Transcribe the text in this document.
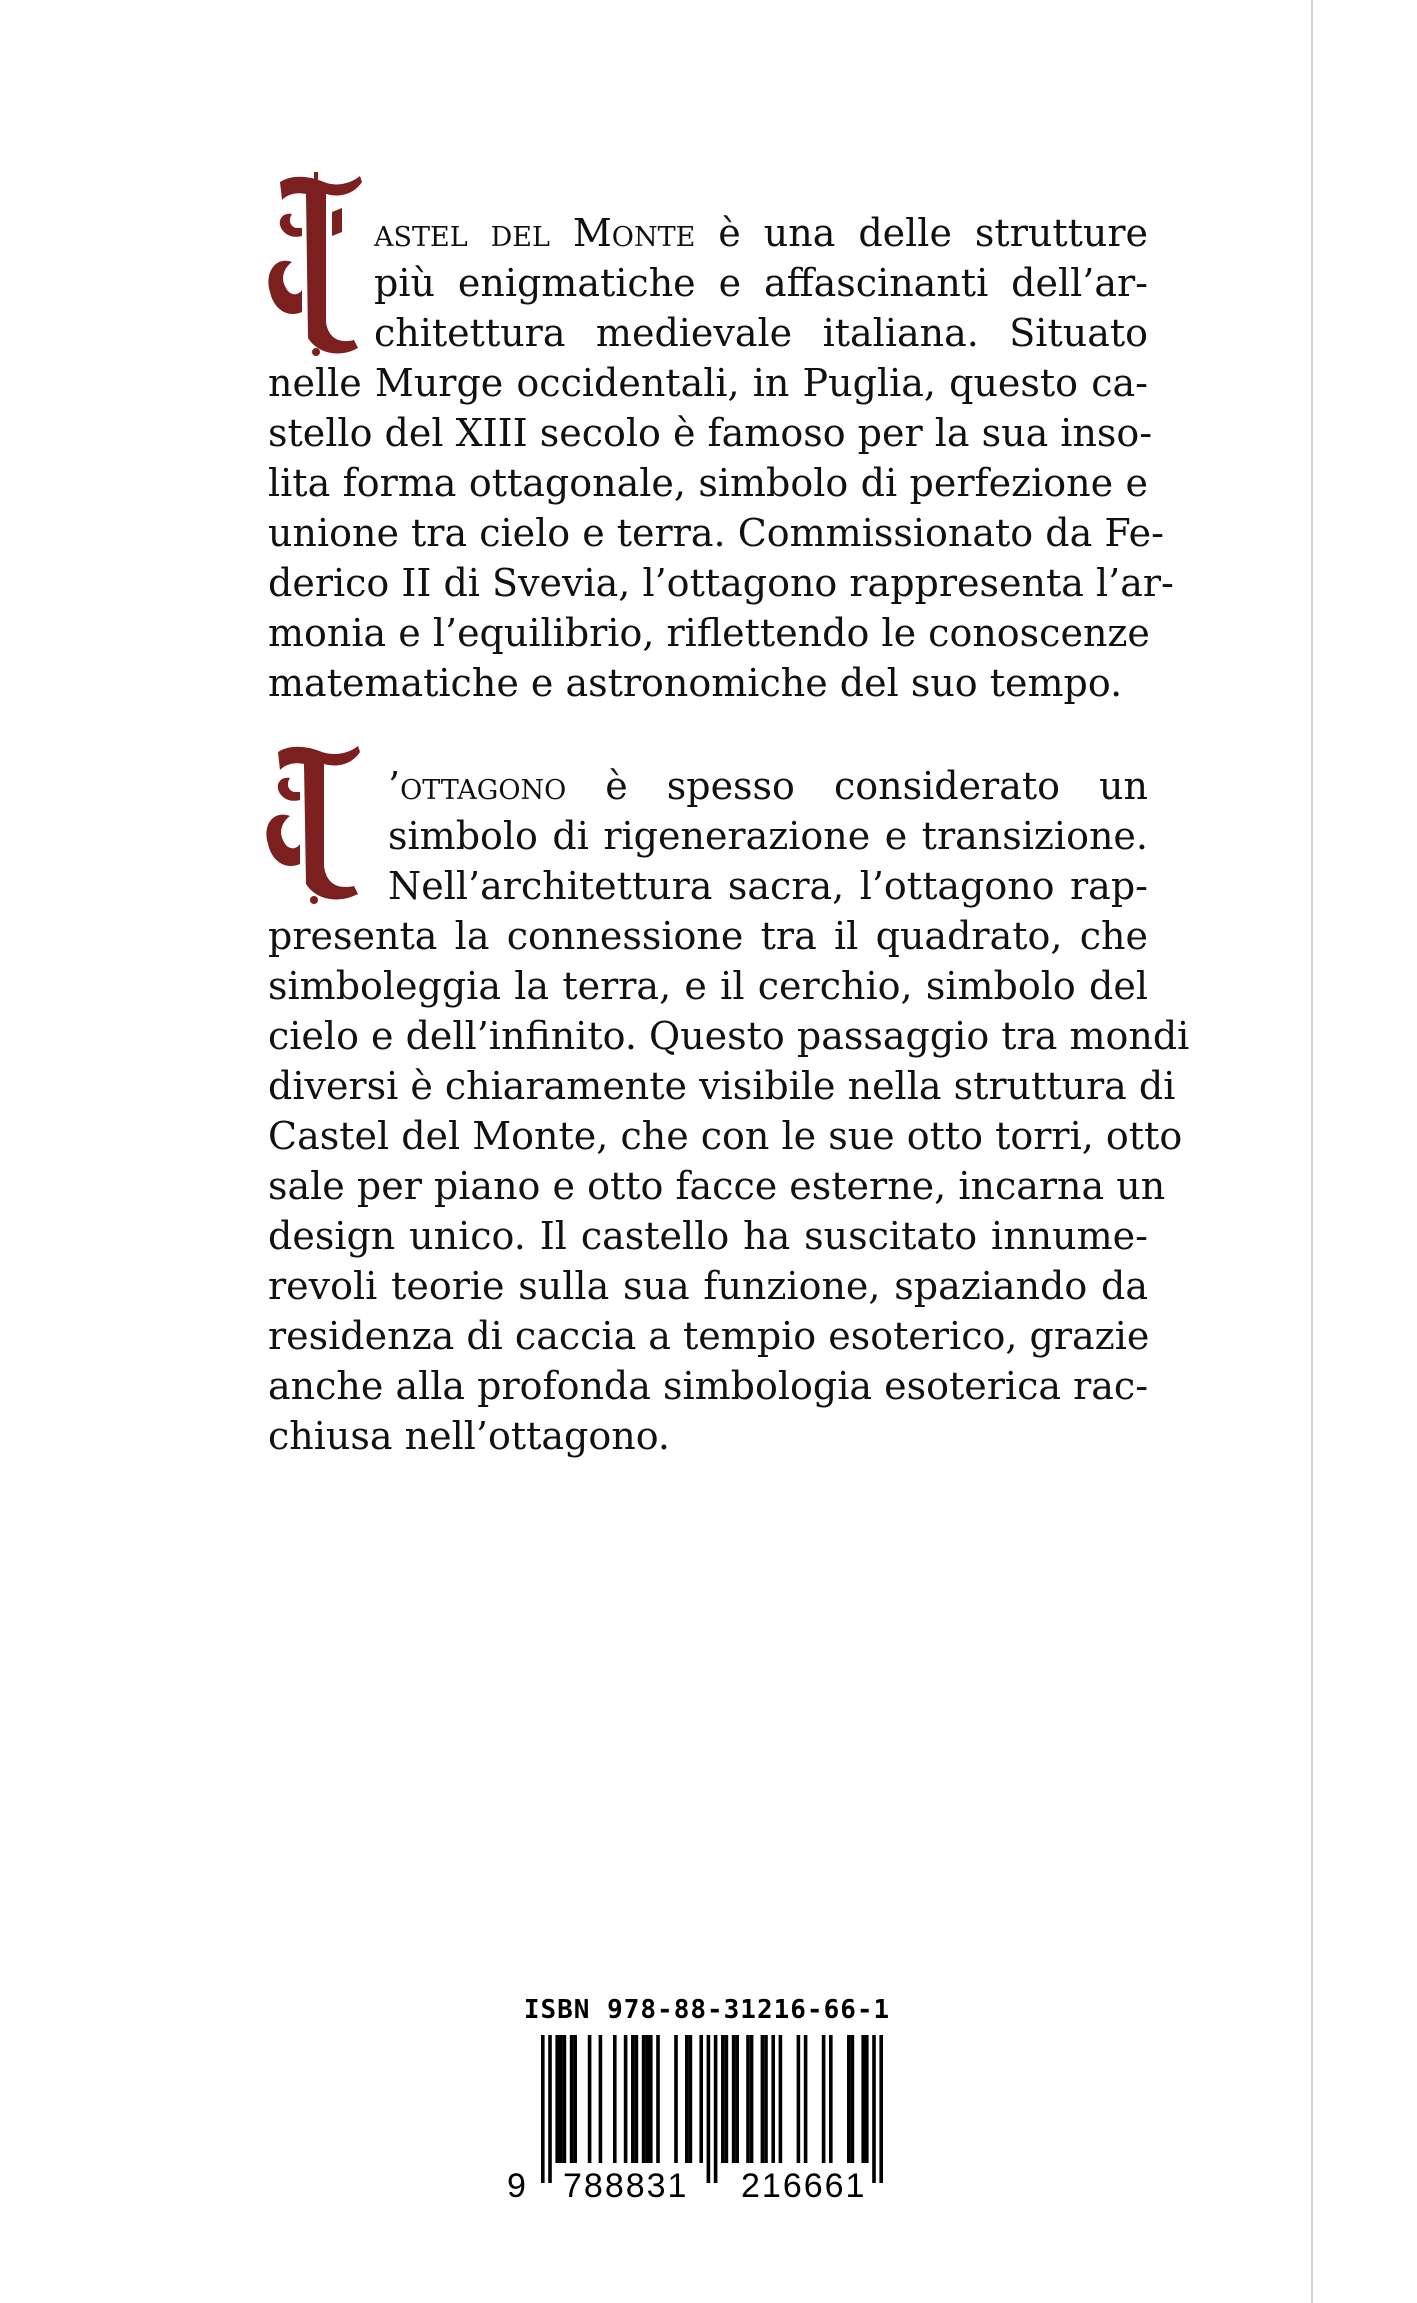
astel del Monte è una delle strutture
più enigmatiche e affascinanti dell’ar-
chitettura medievale italiana. Situato
nelle Murge occidentali, in Puglia, questo ca-
stello del XIII secolo è famoso per la sua inso-
lita forma ottagonale, simbolo di perfezione e
unione tra cielo e terra. Commissionato da Fe-
derico II di Svevia, l’ottagono rappresenta l’ar-
monia e l’equilibrio, riflettendo le conoscenze
matematiche e astronomiche del suo tempo.
’ottagono è spesso considerato un
simbolo di rigenerazione e transizione.
Nell’architettura sacra, l’ottagono rap-
presenta la connessione tra il quadrato, che
simboleggia la terra, e il cerchio, simbolo del
cielo e dell’infinito. Questo passaggio tra mondi
diversi è chiaramente visibile nella struttura di
Castel del Monte, che con le sue otto torri, otto
sale per piano e otto facce esterne, incarna un
design unico. Il castello ha suscitato innume-
revoli teorie sulla sua funzione, spaziando da
residenza di caccia a tempio esoterico, grazie
anche alla profonda simbologia esoterica rac-
chiusa nell’ottagono.
ISBN 978-88-31216-66-1
9 788831 216661
